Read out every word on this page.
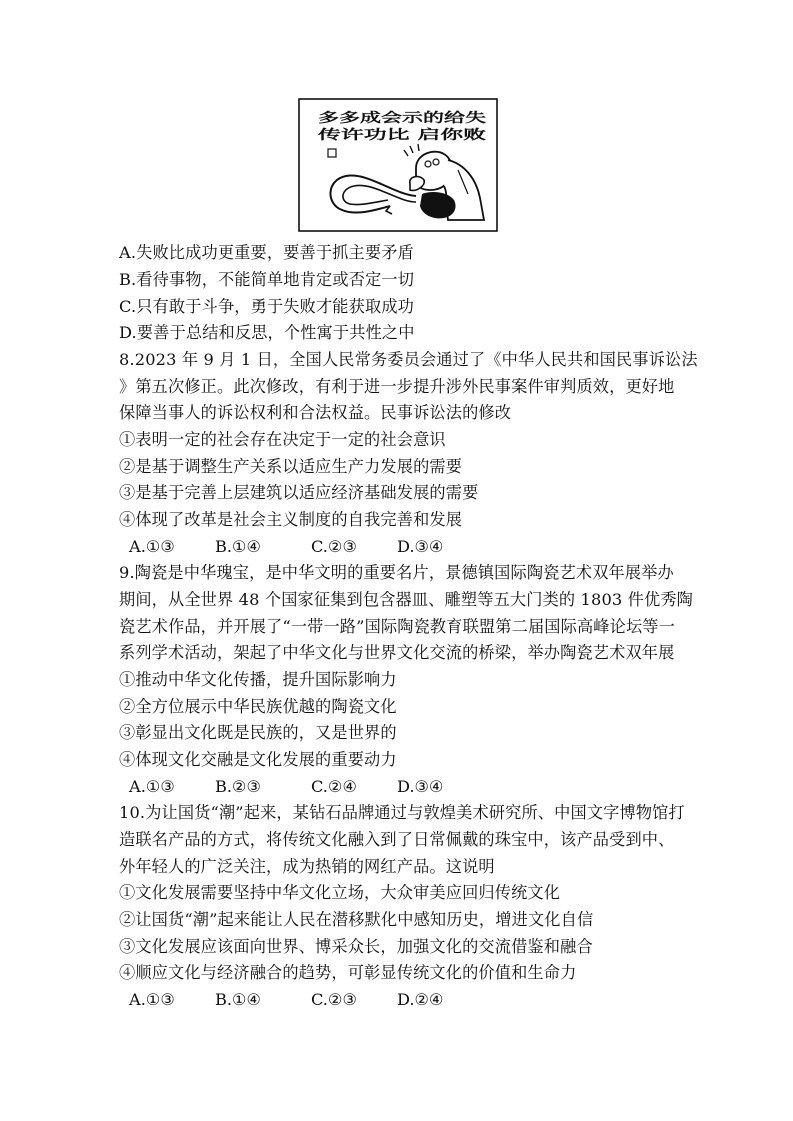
多多成会示的给失
传许功比 启你败
A.失败比成功更重要，要善于抓主要矛盾
B.看待事物，不能简单地肯定或否定一切
C.只有敢于斗争，勇于失败才能获取成功
D.要善于总结和反思，个性寓于共性之中
8.2023 年 9 月 1 日，全国人民常务委员会通过了《中华人民共和国民事诉讼法
》第五次修正。此次修改，有利于进一步提升涉外民事案件审判质效，更好地
保障当事人的诉讼权利和合法权益。民事诉讼法的修改
①表明一定的社会存在决定于一定的社会意识
②是基于调整生产关系以适应生产力发展的需要
③是基于完善上层建筑以适应经济基础发展的需要
④体现了改革是社会主义制度的自我完善和发展
A.①③ B.①④	C.②③ D.③④
9.陶瓷是中华瑰宝，是中华文明的重要名片，景德镇国际陶瓷艺术双年展举办
期间，从全世界 48 个国家征集到包含器皿、雕塑等五大门类的 1803 件优秀陶
瓷艺术作品，并开展了“一带一路”国际陶瓷教育联盟第二届国际高峰论坛等一
系列学术活动，架起了中华文化与世界文化交流的桥梁，举办陶瓷艺术双年展
①推动中华文化传播，提升国际影响力
②全方位展示中华民族优越的陶瓷文化
③彰显出文化既是民族的，又是世界的
④体现文化交融是文化发展的重要动力
A.①③ B.②③	C.②④ D.③④
10.为让国货“潮”起来，某钻石品牌通过与敦煌美术研究所、中国文字博物馆打
造联名产品的方式，将传统文化融入到了日常佩戴的珠宝中，该产品受到中、
外年轻人的广泛关注，成为热销的网红产品。这说明
①文化发展需要坚持中华文化立场，大众审美应回归传统文化
②让国货“潮”起来能让人民在潜移默化中感知历史，增进文化自信
③文化发展应该面向世界、博采众长，加强文化的交流借鉴和融合
④顺应文化与经济融合的趋势，可彰显传统文化的价值和生命力
A.①③ B.①④	C.②③ D.②④
